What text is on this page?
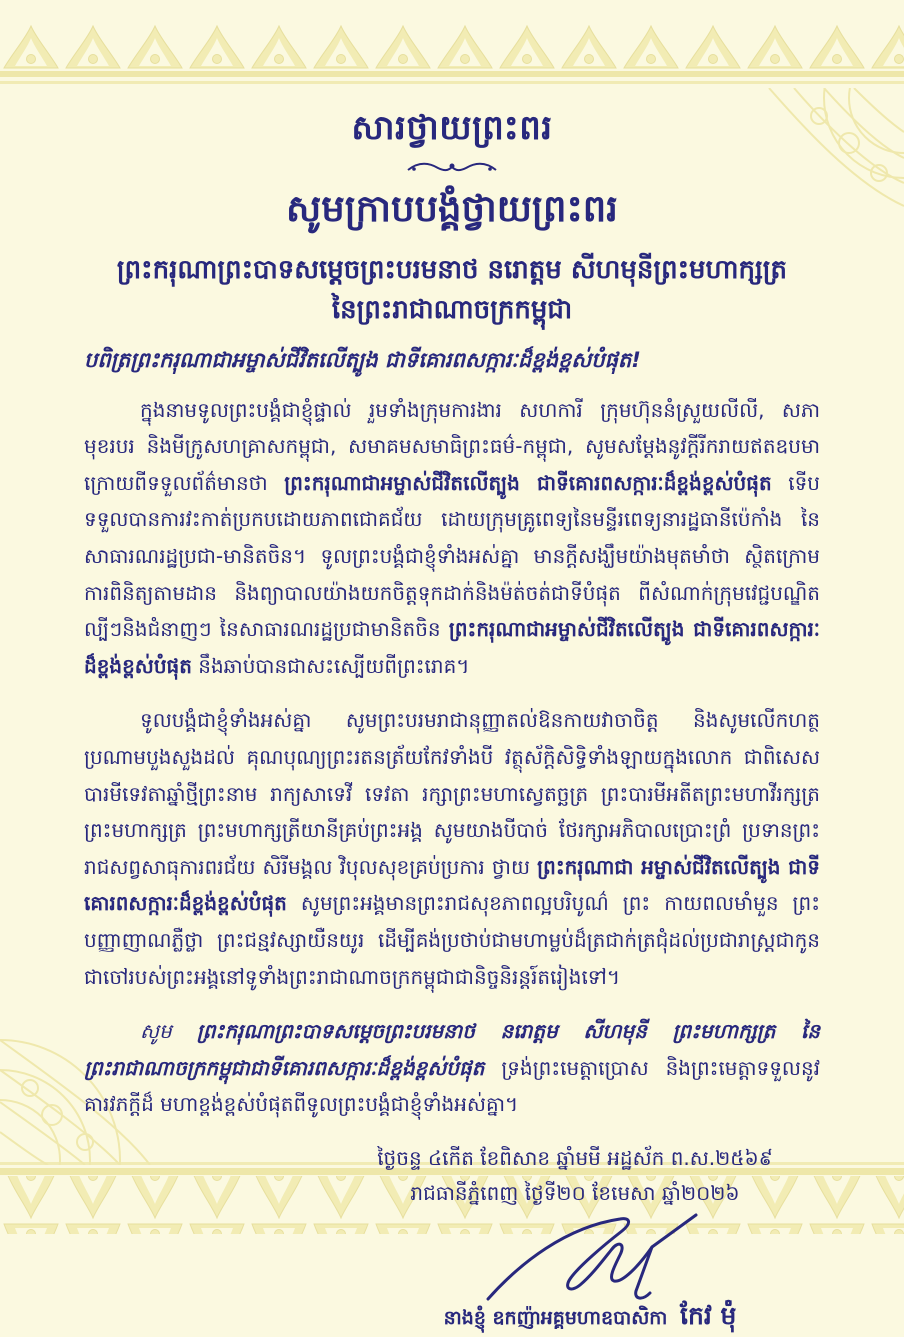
សារថ្វាយព្រះពរ
សូមក្រាបបង្គំថ្វាយព្រះពរ
ព្រះករុណាព្រះបាទសម្តេចព្រះបរមនាថ នរោត្តម សីហមុនីព្រះមហាក្សត្រ នៃព្រះរាជាណាចក្រកម្ពុជា
បពិត្រព្រះករុណាជាអម្ចាស់ជីវិតលើត្បូង ជាទីគោរពសក្ការៈដ៏ខ្ពង់ខ្ពស់បំផុត!

ក្នុងនាមទូលព្រះបង្គំជាខ្ញុំផ្ទាល់ រួមទាំងក្រុមការងារ សហការី ក្រុមហ៊ុននំស្រួយលីលី, សភាមុខរបរ និងមីក្រូសហគ្រាសកម្ពុជា, សមាគមសមាធិព្រះធម៌-កម្ពុជា, សូមសម្តែងនូវក្តីរីករាយឥតឧបមា ក្រោយពីទទួលព័ត៌មានថា ព្រះករុណាជាអម្ចាស់ជីវិតលើត្បូង ជាទីគោរពសក្ការៈដ៏ខ្ពង់ខ្ពស់បំផុត ទើប ទទួលបានការវះកាត់ប្រកបដោយភាពជោគជ័យ ដោយក្រុមគ្រូពេទ្យនៃមន្ទីរពេទ្យនារដ្ឋធានីប៉េកាំង នៃសាធារណរដ្ឋប្រជា-មានិតចិន។ ទូលព្រះបង្គំជាខ្ញុំទាំងអស់គ្នា មានក្តីសង្ឃឹមយ៉ាងមុតមាំថា ស្ថិតក្រោមការពិនិត្យតាមដាន និងព្យាបាលយ៉ាងយកចិត្តទុកដាក់និងម៉ត់ចត់ជាទីបំផុត ពីសំណាក់ក្រុមវេជ្ជបណ្ឌិតល្បីៗនិងជំនាញៗ នៃសាធារណរដ្ឋប្រជាមានិតចិន ព្រះករុណាជាអម្ចាស់ជីវិតលើត្បូង ជាទីគោរពសក្ការៈដ៏ខ្ពង់ខ្ពស់បំផុត នឹងឆាប់បានជាសះស្បើយពីព្រះរោគ។

ទូលបង្គំជាខ្ញុំទាំងអស់គ្នា សូមព្រះបរមរាជានុញ្ញាតល់ឱនកាយវាចាចិត្ត និងសូមលើកហត្ថប្រណាមបួងសួងដល់ គុណបុណ្យព្រះរតនត្រ័យកែវទាំងបី វត្ថុស័ក្តិសិទ្ធិទាំងឡាយក្នុងលោក ជាពិសេសបារមីទេវតាឆ្នាំថ្មីព្រះនាម រាក្យសាទេវី ទេវតា រក្សាព្រះមហាស្វេតច្ឆត្រ ព្រះបារមីអតីតព្រះមហាវីរក្សត្រ ព្រះមហាក្សត្រ ព្រះមហាក្សត្រីយានីគ្រប់ព្រះអង្គ សូមយាងបីបាច់ ថែរក្សាអភិបាលប្រោះព្រំ ប្រទានព្រះរាជសព្វសាធុការពរជ័យ សិរីមង្គល វិបុលសុខគ្រប់ប្រការ ថ្វាយ ព្រះករុណាជា អម្ចាស់ជីវិតលើត្បូង ជាទីគោរពសក្ការៈដ៏ខ្ពង់ខ្ពស់បំផុត សូមព្រះអង្គមានព្រះរាជសុខភាពល្អបរិបូណ៌ ព្រះ កាយពលមាំមួន ព្រះបញ្ញាញាណភ្លឺថ្លា ព្រះជន្មវស្សាយឺនយូរ ដើម្បីគង់ប្រថាប់ជាមហាម្លប់ដ៏ត្រជាក់ត្រជុំដល់ប្រជារាស្ត្រជាកូនជាចៅរបស់ព្រះអង្គនៅទូទាំងព្រះរាជាណាចក្រកម្ពុជាជានិច្ចនិរន្តរ៍តរៀងទៅ។

សូម ព្រះករុណាព្រះបាទសម្តេចព្រះបរមនាថ នរោត្តម សីហមុនី ព្រះមហាក្សត្រ នៃព្រះរាជាណាចក្រកម្ពុជាជាទីគោរពសក្ការៈដ៏ខ្ពង់ខ្ពស់បំផុត ទ្រង់ព្រះមេត្តាប្រោស និងព្រះមេត្តាទទួលនូវគារវភក្តីដ៏ មហាខ្ពង់ខ្ពស់បំផុតពីទូលព្រះបង្គំជាខ្ញុំទាំងអស់គ្នា។

ថ្ងៃចន្ទ ៤កើត ខែពិសាខ ឆ្នាំមមី អដ្ឋស័ក ព.ស.២៥៦៩
រាជធានីភ្នំពេញ ថ្ងៃទី២០ ខែមេសា ឆ្នាំ២០២៦
នាងខ្ញុំ ឧកញ៉ាអគ្គមហាឧបាសិកា កែវ ម៉ុំ
